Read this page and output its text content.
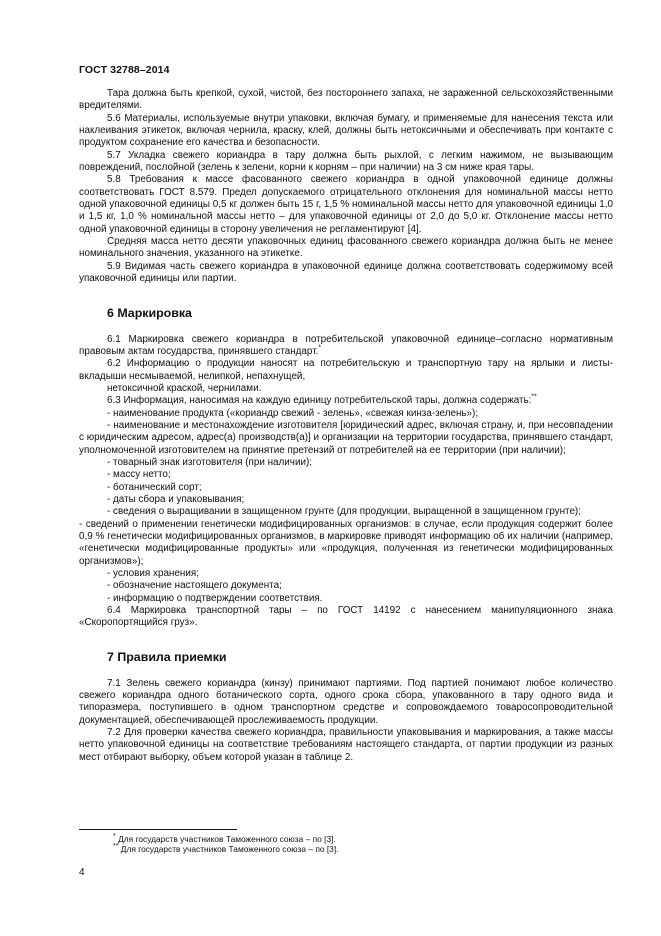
ГОСТ 32788–2014

Тара должна быть крепкой, сухой, чистой, без постороннего запаха, не зараженной сельскохозяйственными вредителями.

5.6 Материалы, используемые внутри упаковки, включая бумагу, и применяемые для нанесения текста или наклеивания этикеток, включая чернила, краску, клей, должны быть нетоксичными и обеспечивать при контакте с продуктом сохранение его качества и безопасности.

5.7 Укладка свежего кориандра в тару должна быть рыхлой, с легким нажимом, не вызывающим повреждений, послойной (зелень к зелени, корни к корням – при наличии) на 3 см ниже края тары.

5.8 Требования к массе фасованного свежего кориандра в одной упаковочной единице должны соответствовать ГОСТ 8.579. Предел допускаемого отрицательного отклонения для номинальной массы нетто одной упаковочной единицы 0,5 кг должен быть 15 г, 1,5 % номинальной массы нетто для упаковочной единицы 1,0 и 1,5 кг, 1,0 % номинальной массы нетто – для упаковочной единицы от 2,0 до 5,0 кг. Отклонение массы нетто одной упаковочной единицы в сторону увеличения не регламентируют [4].

Средняя масса нетто десяти упаковочных единиц фасованного свежего кориандра должна быть не менее номинального значения, указанного на этикетке.

5.9 Видимая часть свежего кориандра в упаковочной единице должна соответствовать содержимому всей упаковочной единицы или партии.

6 Маркировка

6.1 Маркировка свежего кориандра в потребительской упаковочной единице–согласно нормативным правовым актам государства, принявшего стандарт.*

6.2 Информацию о продукции наносят на потребительскую и транспортную тару на ярлыки и листы-вкладыши несмываемой, нелипкой, непахнущей,

нетоксичной краской, чернилами.

6.3 Информация, наносимая на каждую единицу потребительской тары, должна содержать:**

- наименование продукта («кориандр свежий - зелень», «свежая кинза-зелень»);

- наименование и местонахождение изготовителя [юридический адрес, включая страну, и, при несовпадении с юридическим адресом, адрес(а) производств(а)] и организации на территории государства, принявшего стандарт, уполномоченной изготовителем на принятие претензий от потребителей на ее территории (при наличии);

- товарный знак изготовителя (при наличии);

- массу нетто;

- ботанический сорт;

- даты сбора и упаковывания;

- сведения о выращивании в защищенном грунте (для продукции, выращенной в защищенном грунте);

- сведений о применении генетически модифицированных организмов: в случае, если продукция содержит более 0,9 % генетически модифицированных организмов, в маркировке приводят информацию об их наличии (например, «генетически модифицированные продукты» или «продукция, полученная из генетически модифицированных организмов»);

- условия хранения;

- обозначение настоящего документа;

- информацию о подтверждении соответствия.

6.4 Маркировка транспортной тары – по ГОСТ 14192 с нанесением манипуляционного знака «Скоропортящийся груз».

7 Правила приемки

7.1 Зелень свежего кориандра (кинзу) принимают партиями. Под партией понимают любое количество свежего кориандра одного ботанического сорта, одного срока сбора, упакованного в тару одного вида и типоразмера, поступившего в одном транспортном средстве и сопровождаемого товаросопроводительной документацией, обеспечивающей прослеживаемость продукции.

7.2 Для проверки качества свежего кориандра, правильности упаковывания и маркирования, а также массы нетто упаковочной единицы на соответствие требованиям настоящего стандарта, от партии продукции из разных мест отбирают выборку, объем которой указан в таблице 2.

* Для государств участников Таможенного союза – по [3].

** Для государств участников Таможенного союза – по [3].

4
